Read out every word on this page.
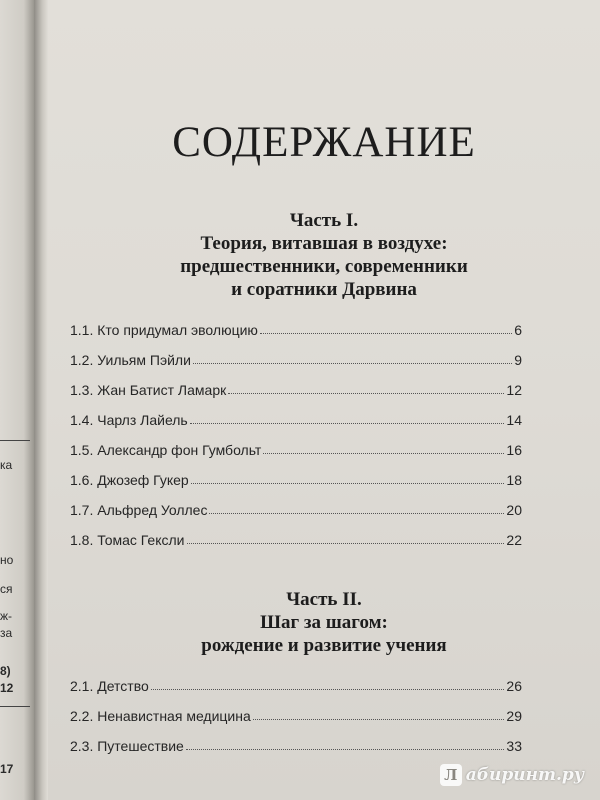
ка
но
ся
ж-
за
8)
12
17
СОДЕРЖАНИЕ
Часть I.
Теория, витавшая в воздухе:
предшественники, современники
и соратники Дарвина
1.1. Кто придумал эволюцию	6
1.2. Уильям Пэйли	9
1.3. Жан Батист Ламарк	12
1.4. Чарлз Лайель	14
1.5. Александр фон Гумбольт	16
1.6. Джозеф Гукер	18
1.7. Альфред Уоллес	20
1.8. Томас Гексли	22
Часть II.
Шаг за шагом:
рождение и развитие учения
2.1. Детство	26
2.2. Ненавистная медицина	29
2.3. Путешествие	33
Л абиринт.ру
